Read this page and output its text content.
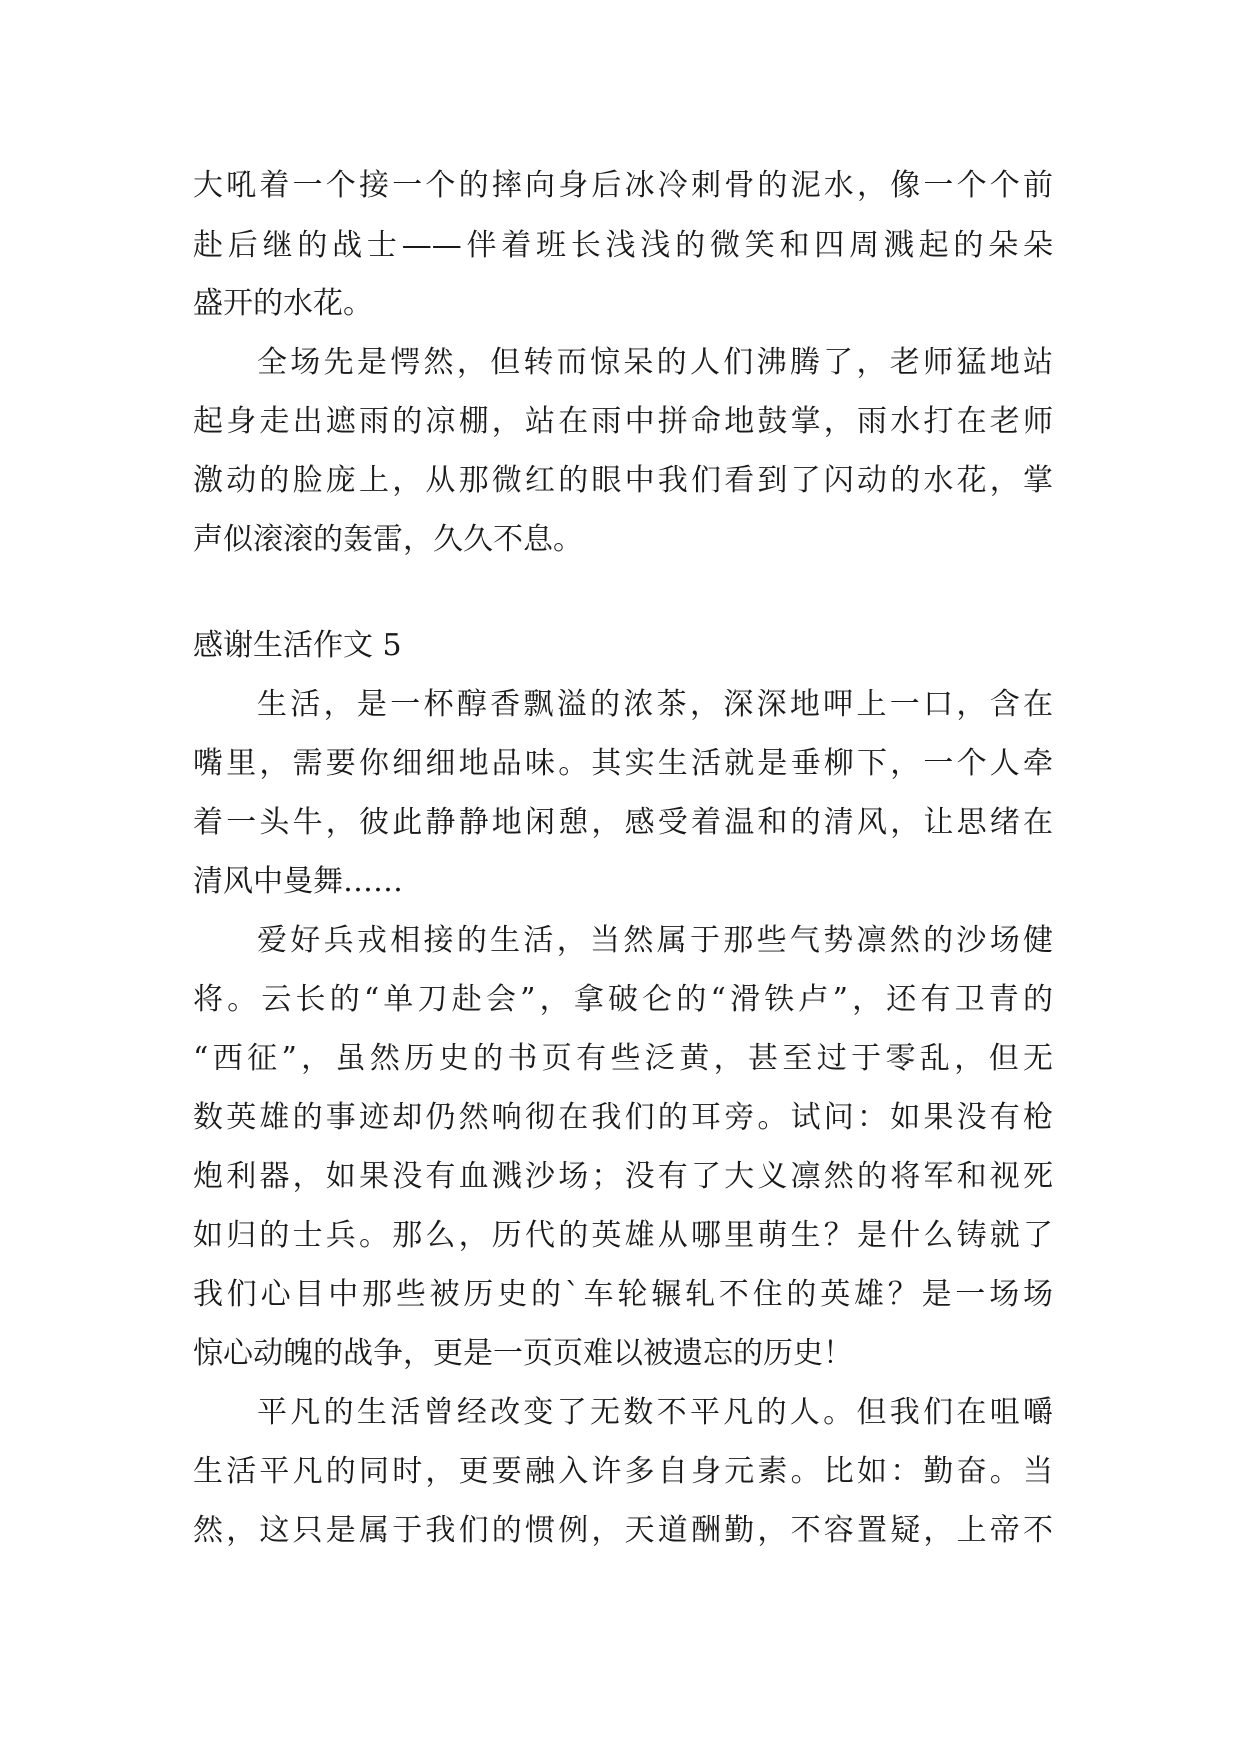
大吼着一个接一个的摔向身后冰冷刺骨的泥水，像一个个前

赴后继的战士——伴着班长浅浅的微笑和四周溅起的朵朵

盛开的水花。

全场先是愕然，但转而惊呆的人们沸腾了，老师猛地站

起身走出遮雨的凉棚，站在雨中拼命地鼓掌，雨水打在老师

激动的脸庞上，从那微红的眼中我们看到了闪动的水花，掌

声似滚滚的轰雷，久久不息。

感谢生活作文 5

生活，是一杯醇香飘溢的浓茶，深深地呷上一口，含在

嘴里，需要你细细地品味。其实生活就是垂柳下，一个人牵

着一头牛，彼此静静地闲憩，感受着温和的清风，让思绪在

清风中曼舞……

爱好兵戎相接的生活，当然属于那些气势凛然的沙场健

将。云长的“单刀赴会”，拿破仑的“滑铁卢”，还有卫青的

“西征”，虽然历史的书页有些泛黄，甚至过于零乱，但无

数英雄的事迹却仍然响彻在我们的耳旁。试问：如果没有枪

炮利器，如果没有血溅沙场；没有了大义凛然的将军和视死

如归的士兵。那么，历代的英雄从哪里萌生？是什么铸就了

我们心目中那些被历史的`车轮辗轧不住的英雄？是一场场

惊心动魄的战争，更是一页页难以被遗忘的历史！

平凡的生活曾经改变了无数不平凡的人。但我们在咀嚼

生活平凡的同时，更要融入许多自身元素。比如：勤奋。当

然，这只是属于我们的惯例，天道酬勤，不容置疑，上帝不
